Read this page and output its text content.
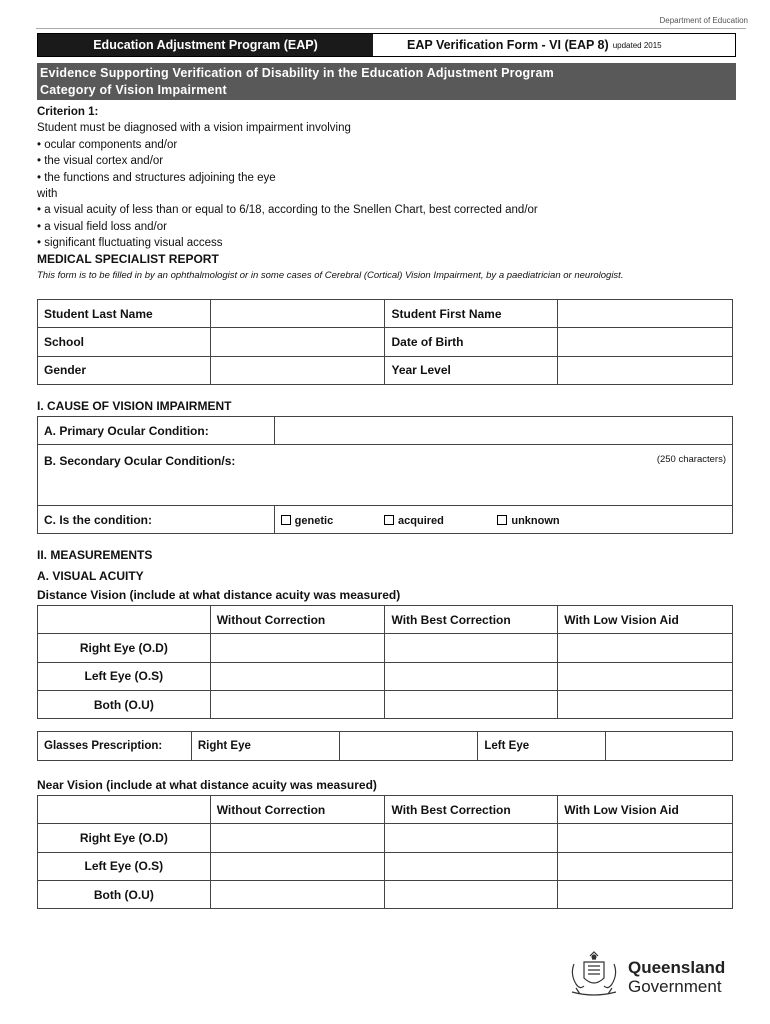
Department of Education
Education Adjustment Program (EAP)	EAP Verification Form - VI (EAP 8) updated 2015
Evidence Supporting Verification of Disability in the Education Adjustment Program
Category of Vision Impairment
Criterion 1:
Student must be diagnosed with a vision impairment involving
• ocular components and/or
• the visual cortex and/or
• the functions and structures adjoining the eye
with
• a visual acuity of less than or equal to 6/18, according to the Snellen Chart, best corrected and/or
• a visual field loss and/or
• significant fluctuating visual access
MEDICAL SPECIALIST REPORT
This form is to be filled in by an ophthalmologist or in some cases of Cerebral (Cortical) Vision Impairment, by a paediatrician or neurologist.
Student Last Name		Student First Name	
School		Date of Birth	
Gender		Year Level	
I. CAUSE OF VISION IMPAIRMENT
A. Primary Ocular Condition:	
B. Secondary Ocular Condition/s: (250 characters)	

C. Is the condition:	genetic acquired unknown
II. MEASUREMENTS
A. VISUAL ACUITY
Distance Vision (include at what distance acuity was measured)
	Without Correction	With Best Correction	With Low Vision Aid
Right Eye (O.D)			
Left Eye (O.S)			
Both (O.U)			
Glasses Prescription:	Right Eye		Left Eye	
Near Vision (include at what distance acuity was measured)
	Without Correction	With Best Correction	With Low Vision Aid
Right Eye (O.D)			
Left Eye (O.S)			
Both (O.U)			
Queensland
Government
